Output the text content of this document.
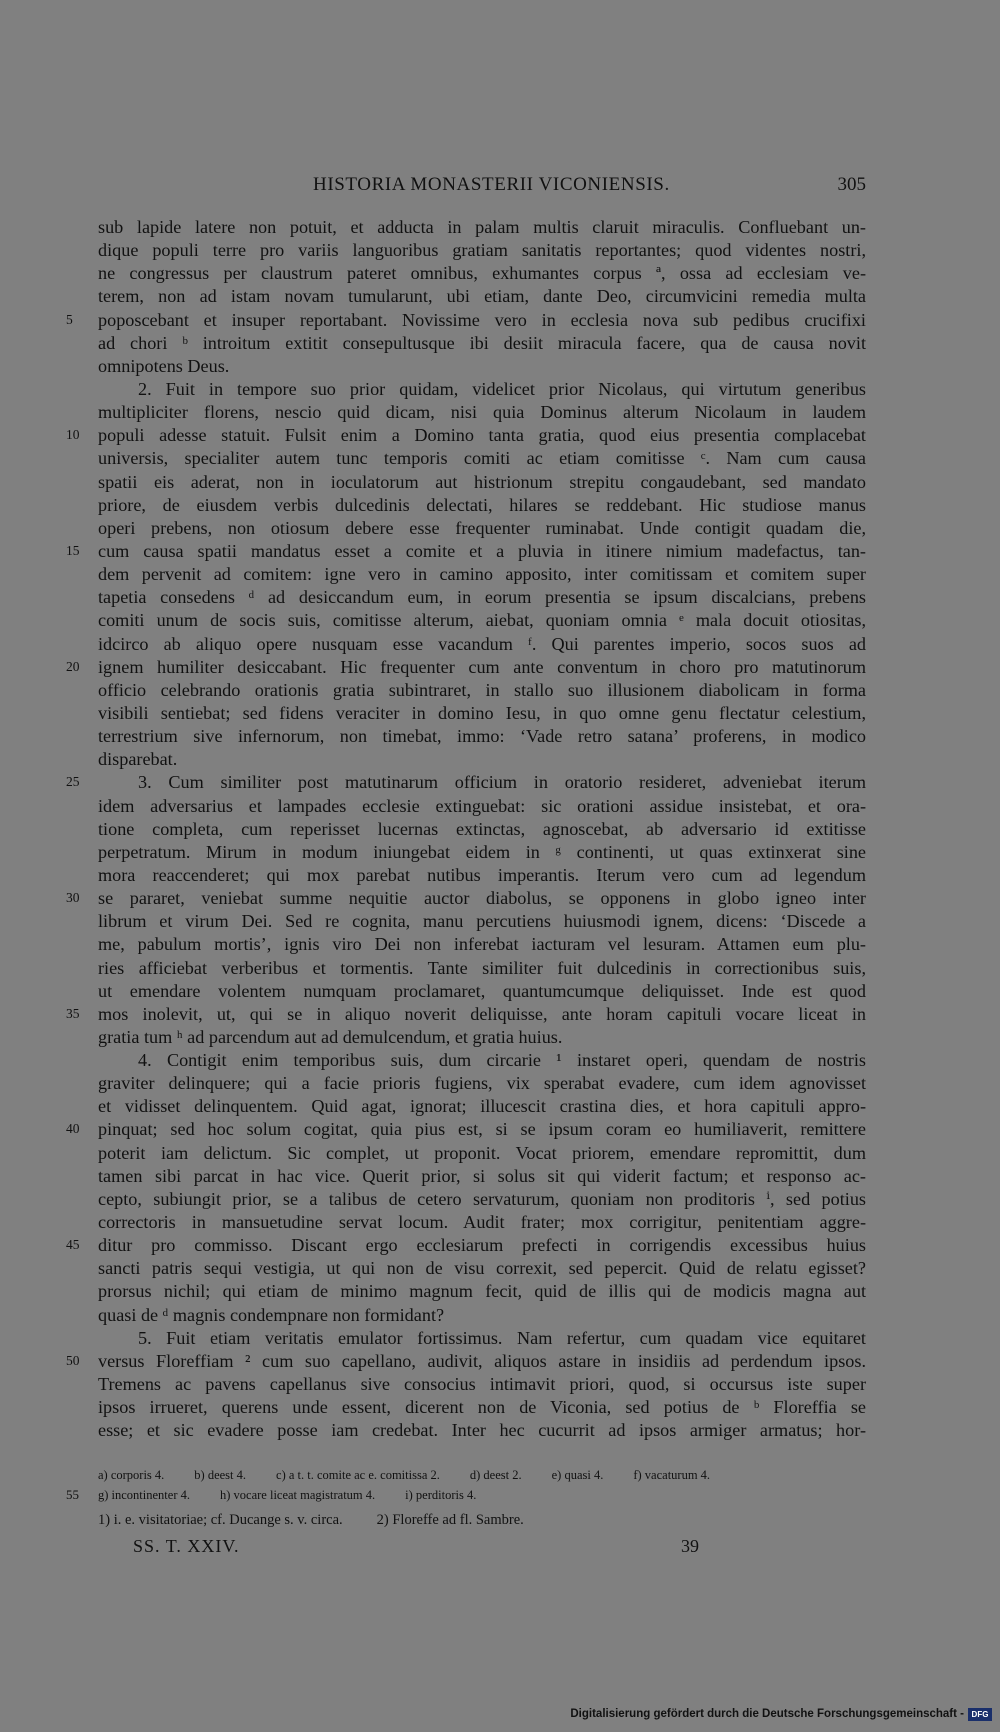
HISTORIA MONASTERII VICONIENSIS.	305
sub lapide latere non potuit, et adducta in palam multis claruit miraculis. Confluebant un-
dique populi terre pro variis languoribus gratiam sanitatis reportantes; quod videntes nostri,
ne congressus per claustrum pateret omnibus, exhumantes corpus ª, ossa ad ecclesiam ve-
terem, non ad istam novam tumularunt, ubi etiam, dante Deo, circumvicini remedia multa
5	poposcebant et insuper reportabant. Novissime vero in ecclesia nova sub pedibus crucifixi
ad chori ᵇ introitum extitit consepultusque ibi desiit miracula facere, qua de causa novit
omnipotens Deus.
2. Fuit in tempore suo prior quidam, videlicet prior Nicolaus, qui virtutum generibus
multipliciter florens, nescio quid dicam, nisi quia Dominus alterum Nicolaum in laudem
10	populi adesse statuit. Fulsit enim a Domino tanta gratia, quod eius presentia complacebat
universis, specialiter autem tunc temporis comiti ac etiam comitisse ᶜ. Nam cum causa
spatii eis aderat, non in ioculatorum aut histrionum strepitu congaudebant, sed mandato
priore, de eiusdem verbis dulcedinis delectati, hilares se reddebant. Hic studiose manus
operi prebens, non otiosum debere esse frequenter ruminabat. Unde contigit quadam die,
15	cum causa spatii mandatus esset a comite et a pluvia in itinere nimium madefactus, tan-
dem pervenit ad comitem: igne vero in camino apposito, inter comitissam et comitem super
tapetia consedens ᵈ ad desiccandum eum, in eorum presentia se ipsum discalcians, prebens
comiti unum de socis suis, comitisse alterum, aiebat, quoniam omnia ᵉ mala docuit otiositas,
idcirco ab aliquo opere nusquam esse vacandum ᶠ. Qui parentes imperio, socos suos ad
20	ignem humiliter desiccabant. Hic frequenter cum ante conventum in choro pro matutinorum
officio celebrando orationis gratia subintraret, in stallo suo illusionem diabolicam in forma
visibili sentiebat; sed fidens veraciter in domino Iesu, in quo omne genu flectatur celestium,
terrestrium sive infernorum, non timebat, immo: ‘Vade retro satana’ proferens, in modico
disparebat.
25	3. Cum similiter post matutinarum officium in oratorio resideret, adveniebat iterum
idem adversarius et lampades ecclesie extinguebat: sic orationi assidue insistebat, et ora-
tione completa, cum reperisset lucernas extinctas, agnoscebat, ab adversario id extitisse
perpetratum. Mirum in modum iniungebat eidem in ᵍ continenti, ut quas extinxerat sine
mora reaccenderet; qui mox parebat nutibus imperantis. Iterum vero cum ad legendum
30	se pararet, veniebat summe nequitie auctor diabolus, se opponens in globo igneo inter
librum et virum Dei. Sed re cognita, manu percutiens huiusmodi ignem, dicens: ‘Discede a
me, pabulum mortis’, ignis viro Dei non inferebat iacturam vel lesuram. Attamen eum plu-
ries afficiebat verberibus et tormentis. Tante similiter fuit dulcedinis in correctionibus suis,
ut emendare volentem numquam proclamaret, quantumcumque deliquisset. Inde est quod
35	mos inolevit, ut, qui se in aliquo noverit deliquisse, ante horam capituli vocare liceat in
gratia tum ʰ ad parcendum aut ad demulcendum, et gratia huius.
4. Contigit enim temporibus suis, dum circarie ¹ instaret operi, quendam de nostris
graviter delinquere; qui a facie prioris fugiens, vix sperabat evadere, cum idem agnovisset
et vidisset delinquentem. Quid agat, ignorat; illucescit crastina dies, et hora capituli appro-
40	pinquat; sed hoc solum cogitat, quia pius est, si se ipsum coram eo humiliaverit, remittere
poterit iam delictum. Sic complet, ut proponit. Vocat priorem, emendare repromittit, dum
tamen sibi parcat in hac vice. Querit prior, si solus sit qui viderit factum; et responso ac-
cepto, subiungit prior, se a talibus de cetero servaturum, quoniam non proditoris ⁱ, sed potius
correctoris in mansuetudine servat locum. Audit frater; mox corrigitur, penitentiam aggre-
45	ditur pro commisso. Discant ergo ecclesiarum prefecti in corrigendis excessibus huius
sancti patris sequi vestigia, ut qui non de visu correxit, sed pepercit. Quid de relatu egisset?
prorsus nichil; qui etiam de minimo magnum fecit, quid de illis qui de modicis magna aut
quasi de ᵈ magnis condempnare non formidant?
5. Fuit etiam veritatis emulator fortissimus. Nam refertur, cum quadam vice equitaret
50	versus Floreffiam ² cum suo capellano, audivit, aliquos astare in insidiis ad perdendum ipsos.
Tremens ac pavens capellanus sive consocius intimavit priori, quod, si occursus iste super
ipsos irrueret, querens unde essent, dicerent non de Viconia, sed potius de ᵇ Floreffia se
esse; et sic evadere posse iam credebat. Inter hec cucurrit ad ipsos armiger armatus; hor-
a) corporis 4. b) deest 4. c) a t. t. comite ac e. comitissa 2. d) deest 2. e) quasi 4. f) vacaturum 4.
55 g) incontinenter 4. h) vocare liceat magistratum 4. i) perditoris 4.
1) i. e. visitatoriae; cf. Ducange s. v. circa. 2) Floreffe ad fl. Sambre.
SS. T. XXIV.	39
Digitalisierung gefördert durch die Deutsche Forschungsgemeinschaft - DFG
